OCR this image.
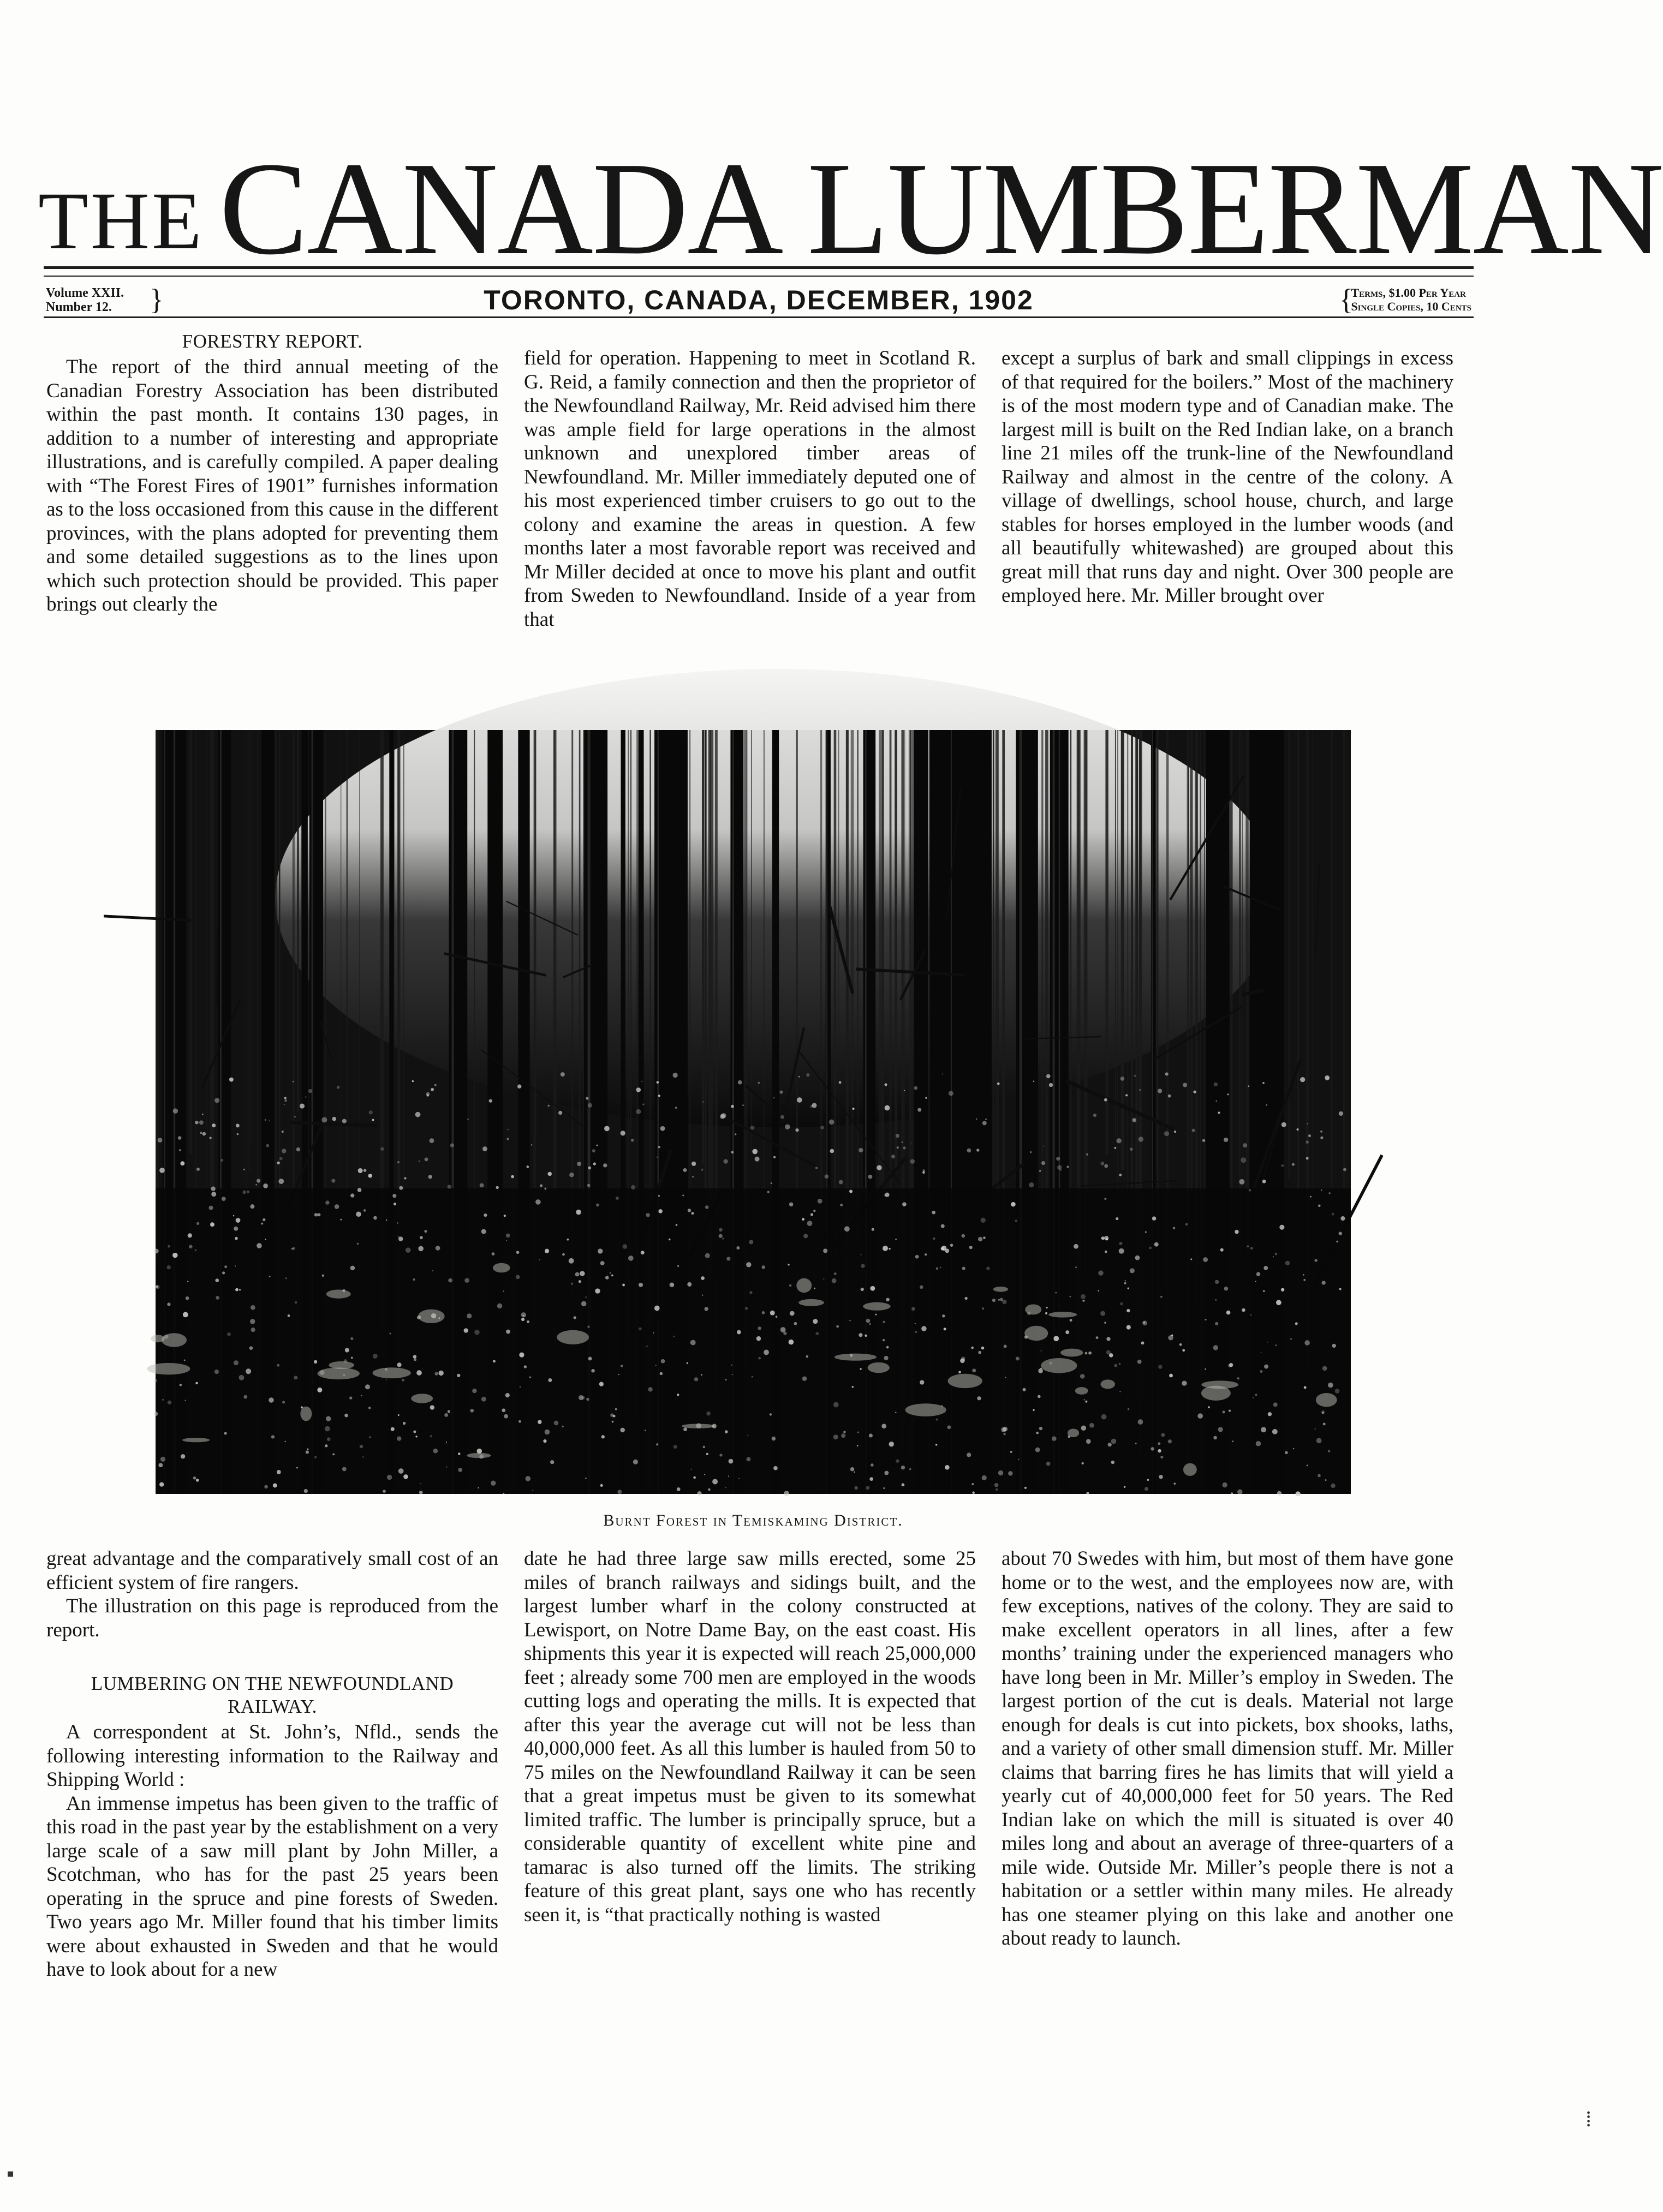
THE CANADA LUMBERMAN
Volume XXII.
Number 12.	}	TORONTO, CANADA, DECEMBER, 1902	{
Terms, $1.00 Per Year
Single Copies, 10 Cents
FORESTRY REPORT.

The report of the third annual meeting of the Canadian Forestry Association has been distributed within the past month. It contains 130 pages, in addition to a number of interesting and appropriate illustrations, and is carefully compiled. A paper dealing with “The Forest Fires of 1901” furnishes information as to the loss occasioned from this cause in the different provinces, with the plans adopted for preventing them and some detailed suggestions as to the lines upon which such protection should be provided. This paper brings out clearly the

field for operation. Happening to meet in Scotland R. G. Reid, a family connection and then the proprietor of the Newfoundland Railway, Mr. Reid advised him there was ample field for large operations in the almost unknown and unexplored timber areas of Newfoundland. Mr. Miller immediately deputed one of his most experienced timber cruisers to go out to the colony and examine the areas in question. A few months later a most favorable report was received and Mr Miller decided at once to move his plant and outfit from Sweden to Newfoundland. Inside of a year from that

except a surplus of bark and small clippings in excess of that required for the boilers.” Most of the machinery is of the most modern type and of Canadian make. The largest mill is built on the Red Indian lake, on a branch line 21 miles off the trunk-line of the Newfoundland Railway and almost in the centre of the colony. A village of dwellings, school house, church, and large stables for horses employed in the lumber woods (and all beautifully whitewashed) are grouped about this great mill that runs day and night. Over 300 people are employed here. Mr. Miller brought over

Burnt Forest in Temiskaming District.

great advantage and the comparatively small cost of an efficient system of fire rangers.

The illustration on this page is reproduced from the report.

LUMBERING ON THE NEWFOUNDLAND RAILWAY.

A correspondent at St. John’s, Nfld., sends the following interesting information to the Railway and Shipping World :

An immense impetus has been given to the traffic of this road in the past year by the establishment on a very large scale of a saw mill plant by John Miller, a Scotchman, who has for the past 25 years been operating in the spruce and pine forests of Sweden. Two years ago Mr. Miller found that his timber limits were about exhausted in Sweden and that he would have to look about for a new

date he had three large saw mills erected, some 25 miles of branch railways and sidings built, and the largest lumber wharf in the colony constructed at Lewisport, on Notre Dame Bay, on the east coast. His shipments this year it is expected will reach 25,000,000 feet ; already some 700 men are employed in the woods cutting logs and operating the mills. It is expected that after this year the average cut will not be less than 40,000,000 feet. As all this lumber is hauled from 50 to 75 miles on the Newfoundland Railway it can be seen that a great impetus must be given to its somewhat limited traffic. The lumber is principally spruce, but a considerable quantity of excellent white pine and tamarac is also turned off the limits. The striking feature of this great plant, says one who has recently seen it, is “that practically nothing is wasted

about 70 Swedes with him, but most of them have gone home or to the west, and the employees now are, with few exceptions, natives of the colony. They are said to make excellent operators in all lines, after a few months’ training under the experienced managers who have long been in Mr. Miller’s employ in Sweden. The largest portion of the cut is deals. Material not large enough for deals is cut into pickets, box shooks, laths, and a variety of other small dimension stuff. Mr. Miller claims that barring fires he has limits that will yield a yearly cut of 40,000,000 feet for 50 years. The Red Indian lake on which the mill is situated is over 40 miles long and about an average of three-quarters of a mile wide. Outside Mr. Miller’s people there is not a habitation or a settler within many miles. He already has one steamer plying on this lake and another one about ready to launch.

⁞
▪
